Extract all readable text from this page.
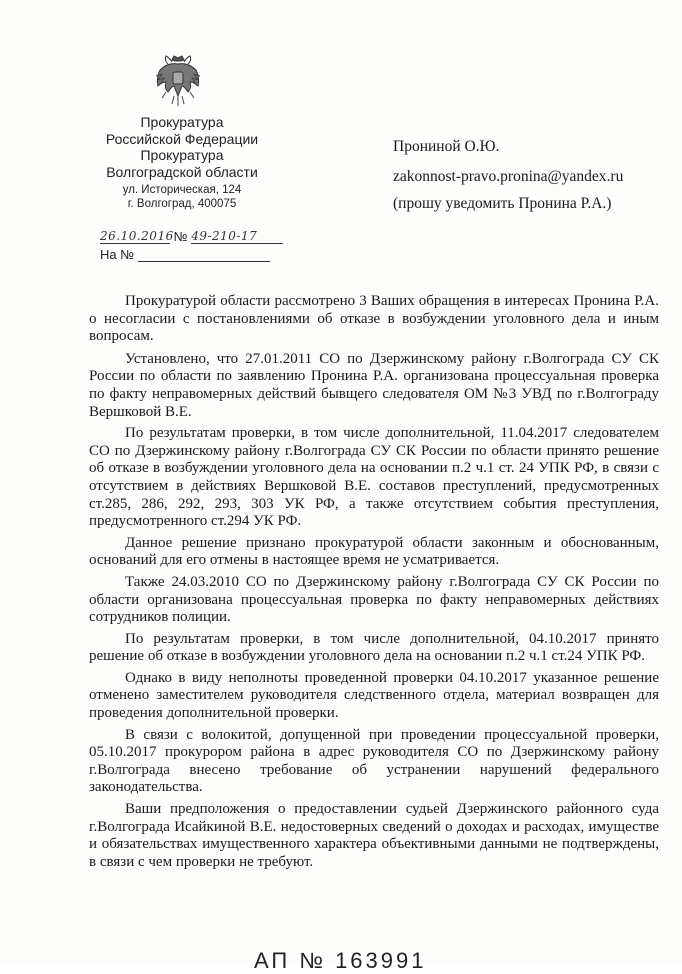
Прокуратура
Российской Федерации
Прокуратура
Волгоградской области
ул. Историческая, 124
г. Волгоград, 400075
26.10.2016 № 49-210-17
На №
Прониной О.Ю.
zakonnost-pravo.pronina@yandex.ru
(прошу уведомить Пронина Р.А.)

Прокуратурой области рассмотрено 3 Ваших обращения в интересах Пронина Р.А. о несогласии с постановлениями об отказе в возбуждении уголовного дела и иным вопросам.

Установлено, что 27.01.2011 СО по Дзержинскому району г.Волгограда СУ СК России по области по заявлению Пронина Р.А. организована процессуальная проверка по факту неправомерных действий бывщего следователя ОМ №3 УВД по г.Волгограду Вершковой В.Е.

По результатам проверки, в том числе дополнительной, 11.04.2017 следователем СО по Дзержинскому району г.Волгограда СУ СК России по области принято решение об отказе в возбуждении уголовного дела на основании п.2 ч.1 ст. 24 УПК РФ, в связи с отсутствием в действиях Вершковой В.Е. составов преступлений, предусмотренных ст.285, 286, 292, 293, 303 УК РФ, а также отсутствием события преступления, предусмотренного ст.294 УК РФ.

Данное решение признано прокуратурой области законным и обоснованным, оснований для его отмены в настоящее время не усматривается.

Также 24.03.2010 СО по Дзержинскому району г.Волгограда СУ СК России по области организована процессуальная проверка по факту неправомерных действиях сотрудников полиции.

По результатам проверки, в том числе дополнительной, 04.10.2017 принято решение об отказе в возбуждении уголовного дела на основании п.2 ч.1 ст.24 УПК РФ.

Однако в виду неполноты проведенной проверки 04.10.2017 указанное решение отменено заместителем руководителя следственного отдела, материал возвращен для проведения дополнительной проверки.

В связи с волокитой, допущенной при проведении процессуальной проверки, 05.10.2017 прокурором района в адрес руководителя СО по Дзержинскому району г.Волгограда внесено требование об устранении нарушений федерального законодательства.

Ваши предположения о предоставлении судьей Дзержинского районного суда г.Волгограда Исайкиной В.Е. недостоверных сведений о доходах и расходах, имуществе и обязательствах имущественного характера объективными данными не подтверждены, в связи с чем проверки не требуют.

АП № 163991
